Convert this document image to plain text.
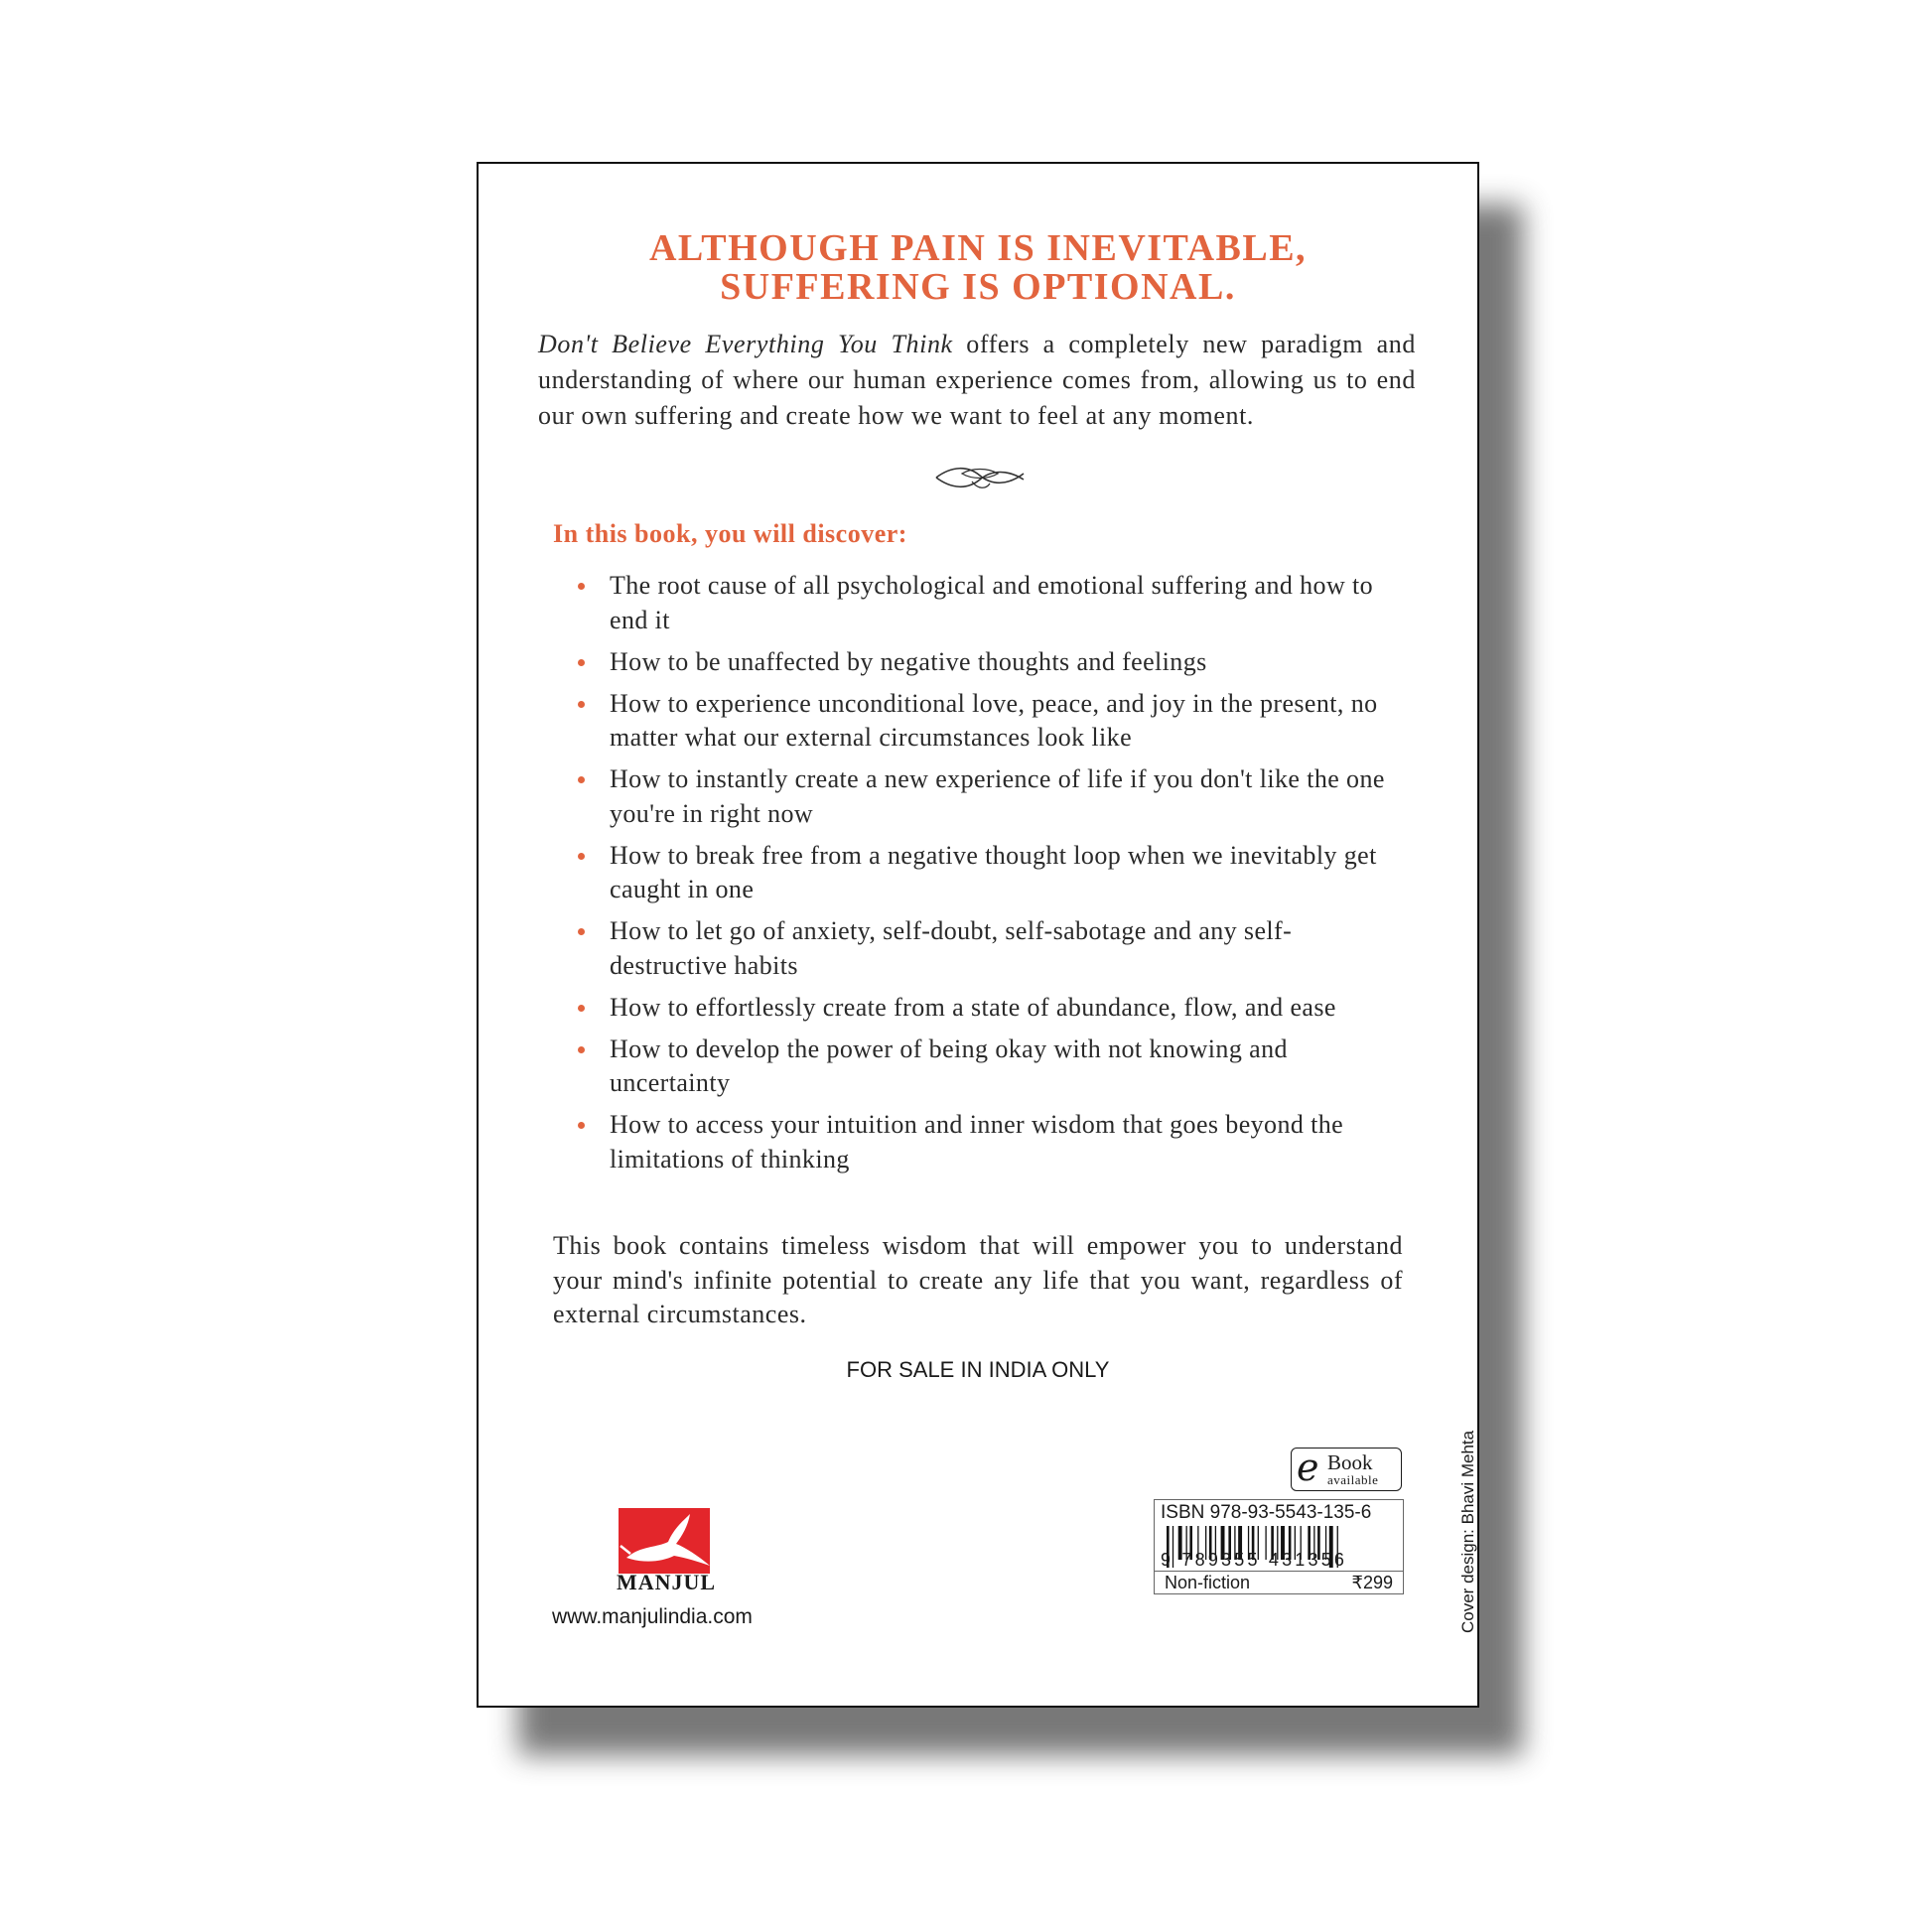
ALTHOUGH PAIN IS INEVITABLE,
SUFFERING IS OPTIONAL.
Don't Believe Everything You Think offers a completely new paradigm and understanding of where our human experience comes from, allowing us to end our own suffering and create how we want to feel at any moment.
In this book, you will discover:
The root cause of all psychological and emotional suffering and how to end it
How to be unaffected by negative thoughts and feelings
How to experience unconditional love, peace, and joy in the present, no matter what our external circumstances look like
How to instantly create a new experience of life if you don't like the one you're in right now
How to break free from a negative thought loop when we inevitably get caught in one
How to let go of anxiety, self-doubt, self-sabotage and any self-destructive habits
How to effortlessly create from a state of abundance, flow, and ease
How to develop the power of being okay with not knowing and uncertainty
How to access your intuition and inner wisdom that goes beyond the limitations of thinking
This book contains timeless wisdom that will empower you to understand your mind's infinite potential to create any life that you want, regardless of external circumstances.
FOR SALE IN INDIA ONLY
MANJUL
www.manjulindia.com
e Book
available
ISBN 978-93-5543-135-6
9 789355 431356
Non-fiction	₹299	Cover design: Bhavi Mehta
